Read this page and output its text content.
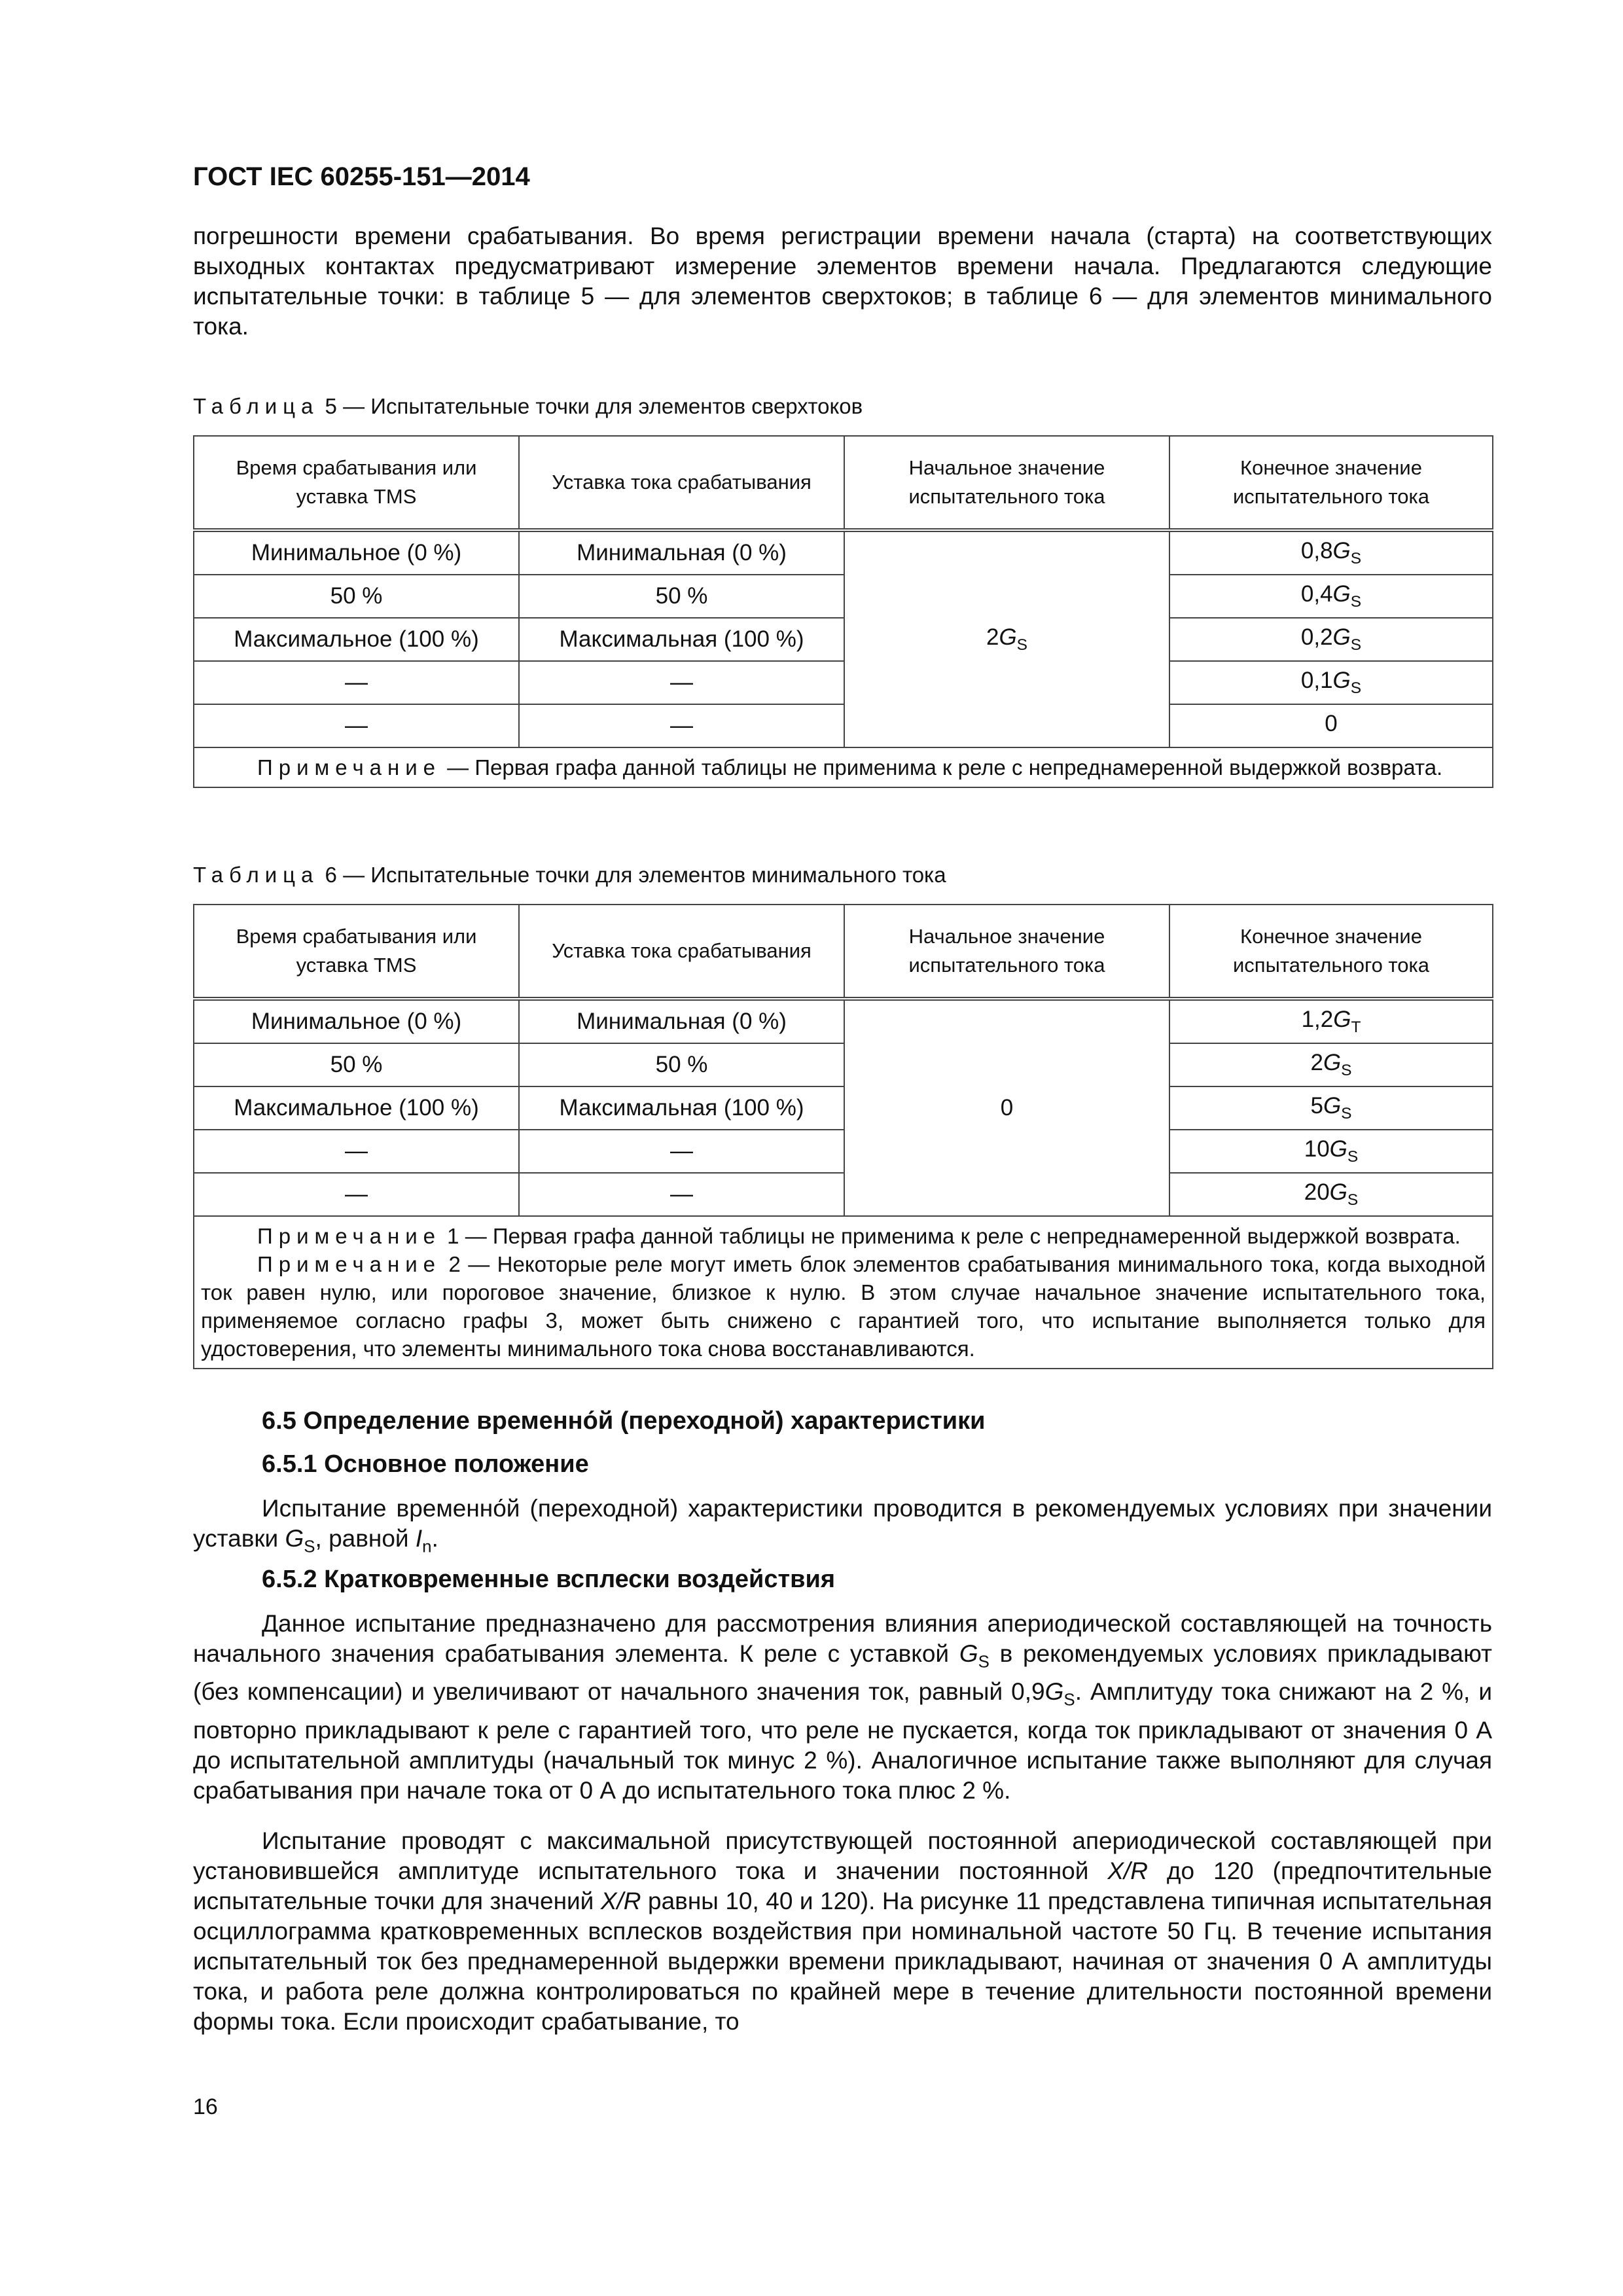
ГОСТ IEC 60255-151—2014

погрешности времени срабатывания. Во время регистрации времени начала (старта) на соответствующих выходных контактах предусматривают измерение элементов времени начала. Предлагаются следующие испытательные точки: в таблице 5 — для элементов сверхтоков; в таблице 6 — для элементов минимального тока.

Таблица 5 — Испытательные точки для элементов сверхтоков
Время срабатывания или уставка TMS	Уставка тока срабатывания	Начальное значение испытательного тока	Конечное значение испытательного тока
Минимальное (0 %)	Минимальная (0 %)	$2G_S$	$0,8G_S$
50 %	50 %		$0,4G_S$
Максимальное (100 %)	Максимальная (100 %)		$0,2G_S$
—	—		$0,1G_S$
—	—		0
Примечание — Первая графа данной таблицы не применима к реле с непреднамеренной выдержкой возврата.			
Таблица 6 — Испытательные точки для элементов минимального тока
Время срабатывания или уставка TMS	Уставка тока срабатывания	Начальное значение испытательного тока	Конечное значение испытательного тока
Минимальное (0 %)	Минимальная (0 %)	0	$1,2G_T$
50 %	50 %		$2G_S$
Максимальное (100 %)	Максимальная (100 %)		$5G_S$
—	—		$10G_S$
—	—		$20G_S$

Примечание 1 — Первая графа данной таблицы не применима к реле с непреднамеренной выдержкой возврата.
Примечание 2 — Некоторые реле могут иметь блок элементов срабатывания минимального тока, когда выходной ток равен нулю, или пороговое значение, близкое к нулю. В этом случае начальное значение испытательного тока, применяемое согласно графы 3, может быть снижено с гарантией того, что испытание выполняется только для удостоверения, что элементы минимального тока снова восстанавливаются.			
6.5 Определение временно́й (переходной) характеристики
6.5.1 Основное положение

Испытание временно́й (переходной) характеристики проводится в рекомендуемых условиях при значении уставки $G_S$, равной $I_n$.

6.5.2 Кратковременные всплески воздействия

Данное испытание предназначено для рассмотрения влияния апериодической составляющей на точность начального значения срабатывания элемента. К реле с уставкой $G_S$ в рекомендуемых условиях прикладывают (без компенсации) и увеличивают от начального значения ток, равный $0,9G_S$. Амплитуду тока снижают на 2 %, и повторно прикладывают к реле с гарантией того, что реле не пускается, когда ток прикладывают от значения 0 А до испытательной амплитуды (начальный ток минус 2 %). Аналогичное испытание также выполняют для случая срабатывания при начале тока от 0 А до испытательного тока плюс 2 %.

Испытание проводят с максимальной присутствующей постоянной апериодической составляющей при установившейся амплитуде испытательного тока и значении постоянной X/R до 120 (предпочтительные испытательные точки для значений X/R равны 10, 40 и 120). На рисунке 11 представлена типичная испытательная осциллограмма кратковременных всплесков воздействия при номинальной частоте 50 Гц. В течение испытания испытательный ток без преднамеренной выдержки времени прикладывают, начиная от значения 0 А амплитуды тока, и работа реле должна контролироваться по крайней мере в течение длительности постоянной времени формы тока. Если происходит срабатывание, то

16
